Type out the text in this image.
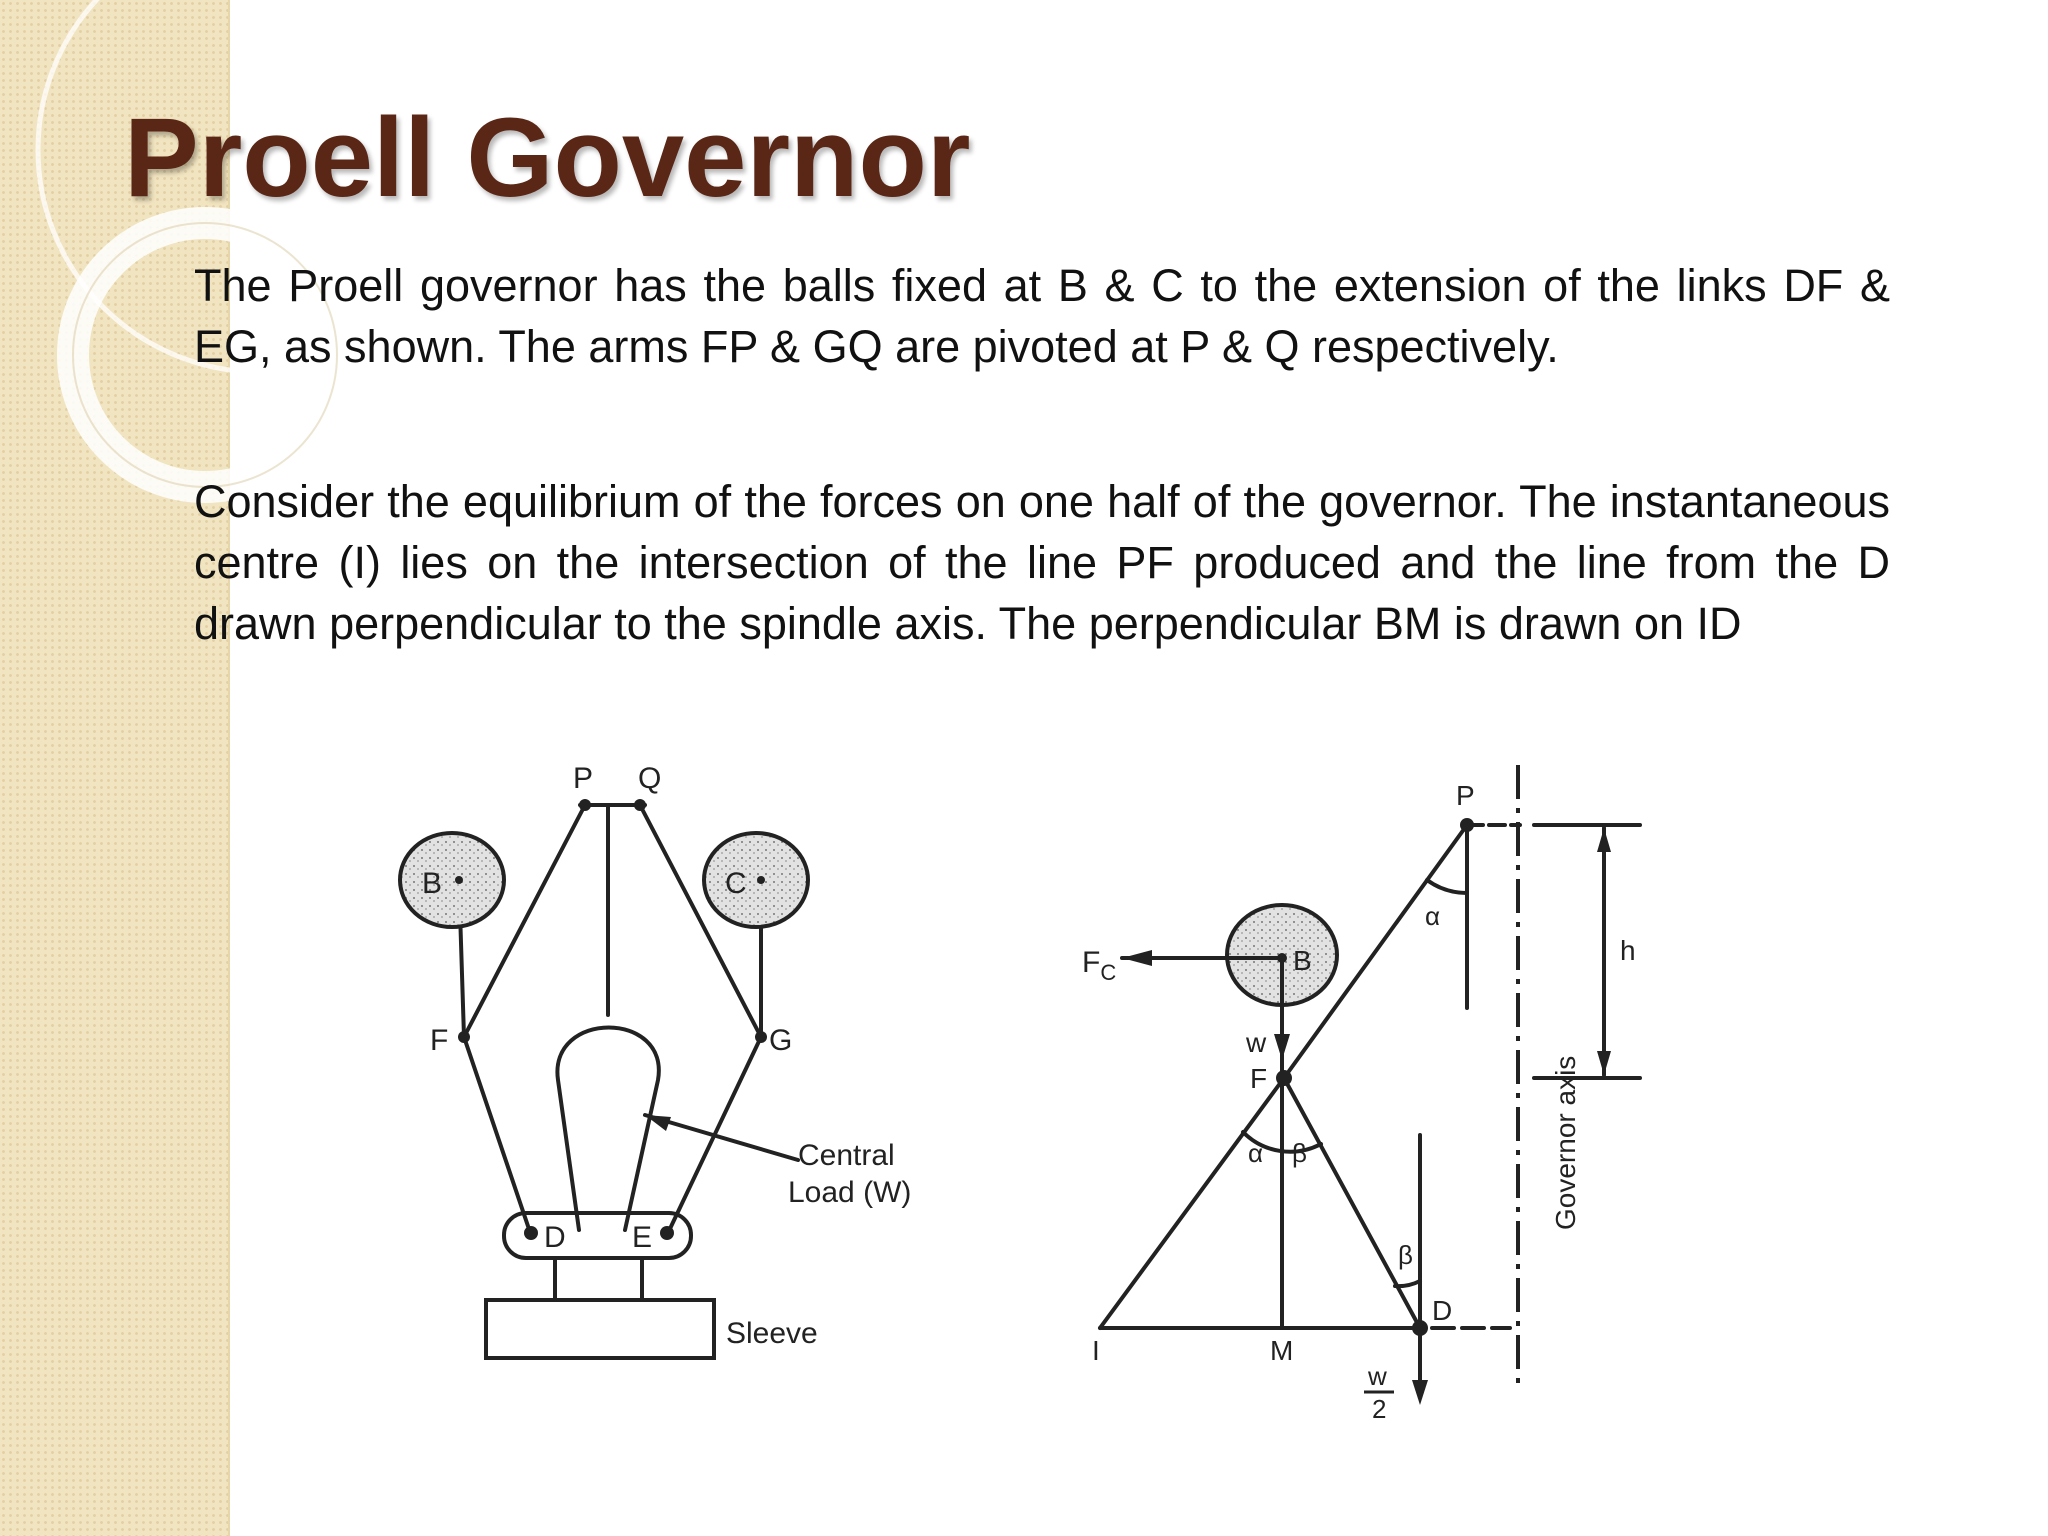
Proell Governor

The Proell governor has the balls fixed at B & C to the extension of the links DF & EG, as shown. The arms FP & GQ are pivoted at P & Q respectively.

Consider the equilibrium of the forces on one half of the governor. The instantaneous centre (I) lies on the intersection of the line PF produced and the line from the D drawn perpendicular to the spindle axis. The perpendicular BM is drawn on ID

P Q
B	C
F	G
D E
Central
Load (W)
Sleeve
P
B
α
$F_C$
w
F
α β
β
D
I	M
w
2
h
Governor axis
